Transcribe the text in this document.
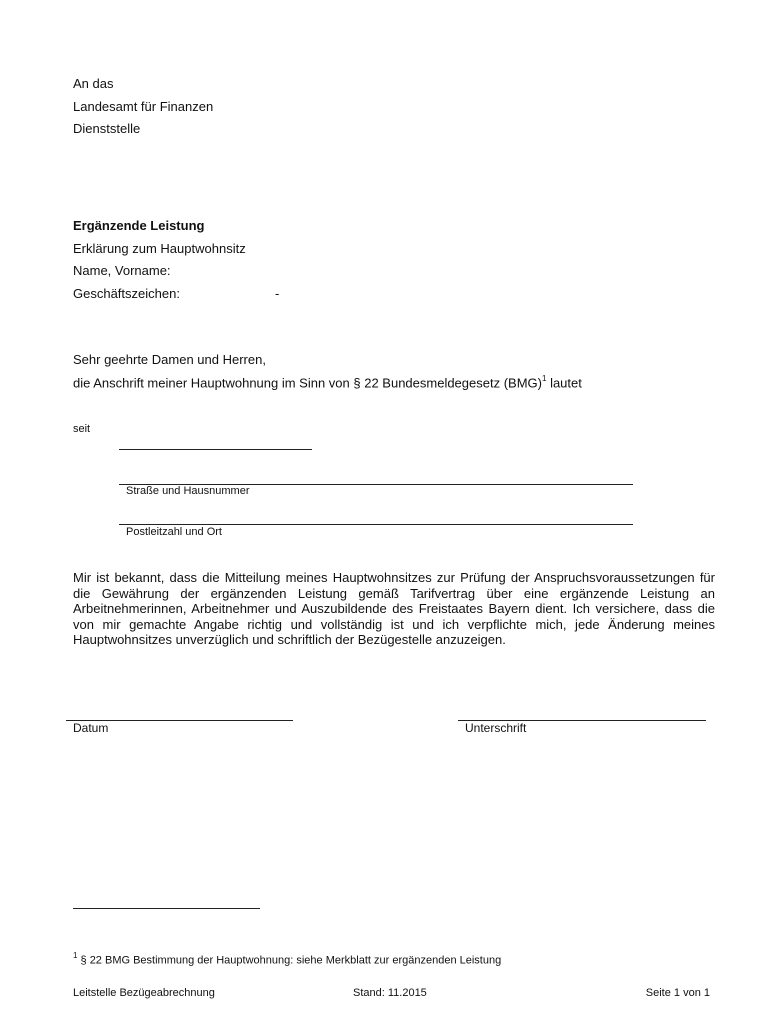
An das
Landesamt für Finanzen
Dienststelle
Ergänzende Leistung
Erklärung zum Hauptwohnsitz
Name, Vorname:
Geschäftszeichen:	-
Sehr geehrte Damen und Herren,
die Anschrift meiner Hauptwohnung im Sinn von § 22 Bundesmeldegesetz (BMG)$^1$ lautet
seit
Straße und Hausnummer
Postleitzahl und Ort
Mir ist bekannt, dass die Mitteilung meines Hauptwohnsitzes zur Prüfung der Anspruchsvoraussetzungen für die Gewährung der ergänzenden Leistung gemäß Tarifvertrag über eine ergänzende Leistung an Arbeitnehmerinnen, Arbeitnehmer und Auszubildende des Freistaates Bayern dient. Ich versichere, dass die von mir gemachte Angabe richtig und vollständig ist und ich verpflichte mich, jede Änderung meines Hauptwohnsitzes unverzüglich und schriftlich der Bezügestelle anzuzeigen.
Datum	Unterschrift
$^1$ § 22 BMG Bestimmung der Hauptwohnung: siehe Merkblatt zur ergänzenden Leistung
Leitstelle Bezügeabrechnung	Stand: 11.2015	Seite 1 von 1
